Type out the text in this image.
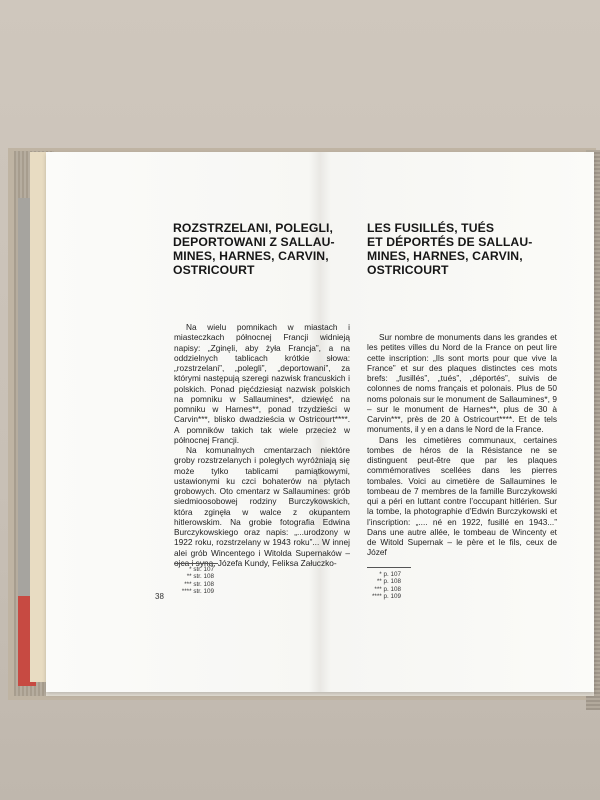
ROZSTRZELANI, POLEGLI,
DEPORTOWANI Z SALLAU-
MINES, HARNES, CARVIN,
OSTRICOURT

Na wielu pomnikach w miastach i miasteczkach północnej Francji widnieją napisy: „Zginęli, aby żyła Francja”, a na oddzielnych tablicach krótkie słowa: „rozstrzelani”, „polegli”, „deportowani”, za którymi następują szeregi nazwisk francuskich i polskich. Ponad pięćdziesiąt nazwisk polskich na pomniku w Sallaumines*, dziewięć na pomniku w Harnes**, ponad trzydzieści w Carvin***, blisko dwadzieścia w Ostricourt****. A pomników takich tak wiele przecież w północnej Francji.

Na komunalnych cmentarzach niektóre groby rozstrzelanych i poległych wyróżniają się może tylko tablicami pamiątkowymi, ustawionymi ku czci bohaterów na płytach grobowych. Oto cmentarz w Sallaumines: grób siedmioosobowej rodziny Burczykowskich, która zginęła w walce z okupantem hitlerowskim. Na grobie fotografia Edwina Burczykowskiego oraz napis: „...urodzony w 1922 roku, rozstrzelany w 1943 roku”... W innej alei grób Wincentego i Witolda Supernaków – ojca i syna, Józefa Kundy, Feliksa Załuczko-

* str. 107
** str. 108
*** str. 108
**** str. 109
38
LES FUSILLÉS, TUÉS
ET DÉPORTÉS DE SALLAU-
MINES, HARNES, CARVIN,
OSTRICOURT

Sur nombre de monuments dans les grandes et les petites villes du Nord de la France on peut lire cette inscription: „Ils sont morts pour que vive la France” et sur des plaques distinctes ces mots brefs: „fusillés”, „tués”, „déportés”, suivis de colonnes de noms français et polonais. Plus de 50 noms polonais sur le monument de Sallaumines*, 9 – sur le monument de Harnes**, plus de 30 à Carvin***, près de 20 à Ostricourt****. Et de tels monuments, il y en a dans le Nord de la France.

Dans les cimetières communaux, certaines tombes de héros de la Résistance ne se distinguent peut-être que par les plaques commémoratives scellées dans les pierres tombales. Voici au cimetière de Sallaumines le tombeau de 7 membres de la famille Burczykowski qui a péri en luttant contre l’occupant hitlérien. Sur la tombe, la photographie d’Edwin Burczykowski et l’inscription: „.... né en 1922, fusillé en 1943...” Dans une autre allée, le tombeau de Wincenty et de Witold Supernak – le père et le fils, ceux de Józef

* p. 107
** p. 108
*** p. 108
**** p. 109
